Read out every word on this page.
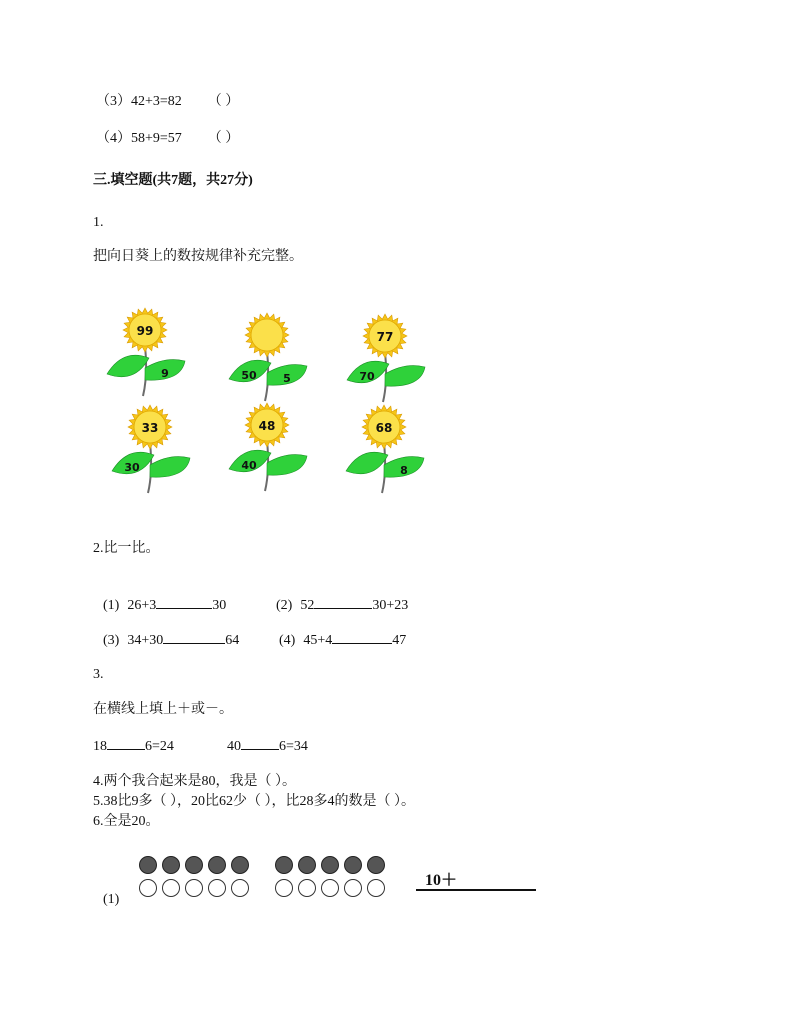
（3）42+3=82 （ ）
（4）58+9=57 （ ）
三.填空题(共7题，共27分)
1.
把向日葵上的数按规律补充完整。
99
9	50 5
77
70
33
30
48
40
68
8
2.比一比。
(1) 26+3	30	(2) 52	30+23
(3) 34+30	64	(4) 45+4	47
3.
在横线上填上＋或－。
18	6=24	40	6=34
4.两个我合起来是80，我是（ ）。
5.38比9多（ ），20比62少（ ），比28多4的数是（ ）。
6.全是20。
(1)
10＋
